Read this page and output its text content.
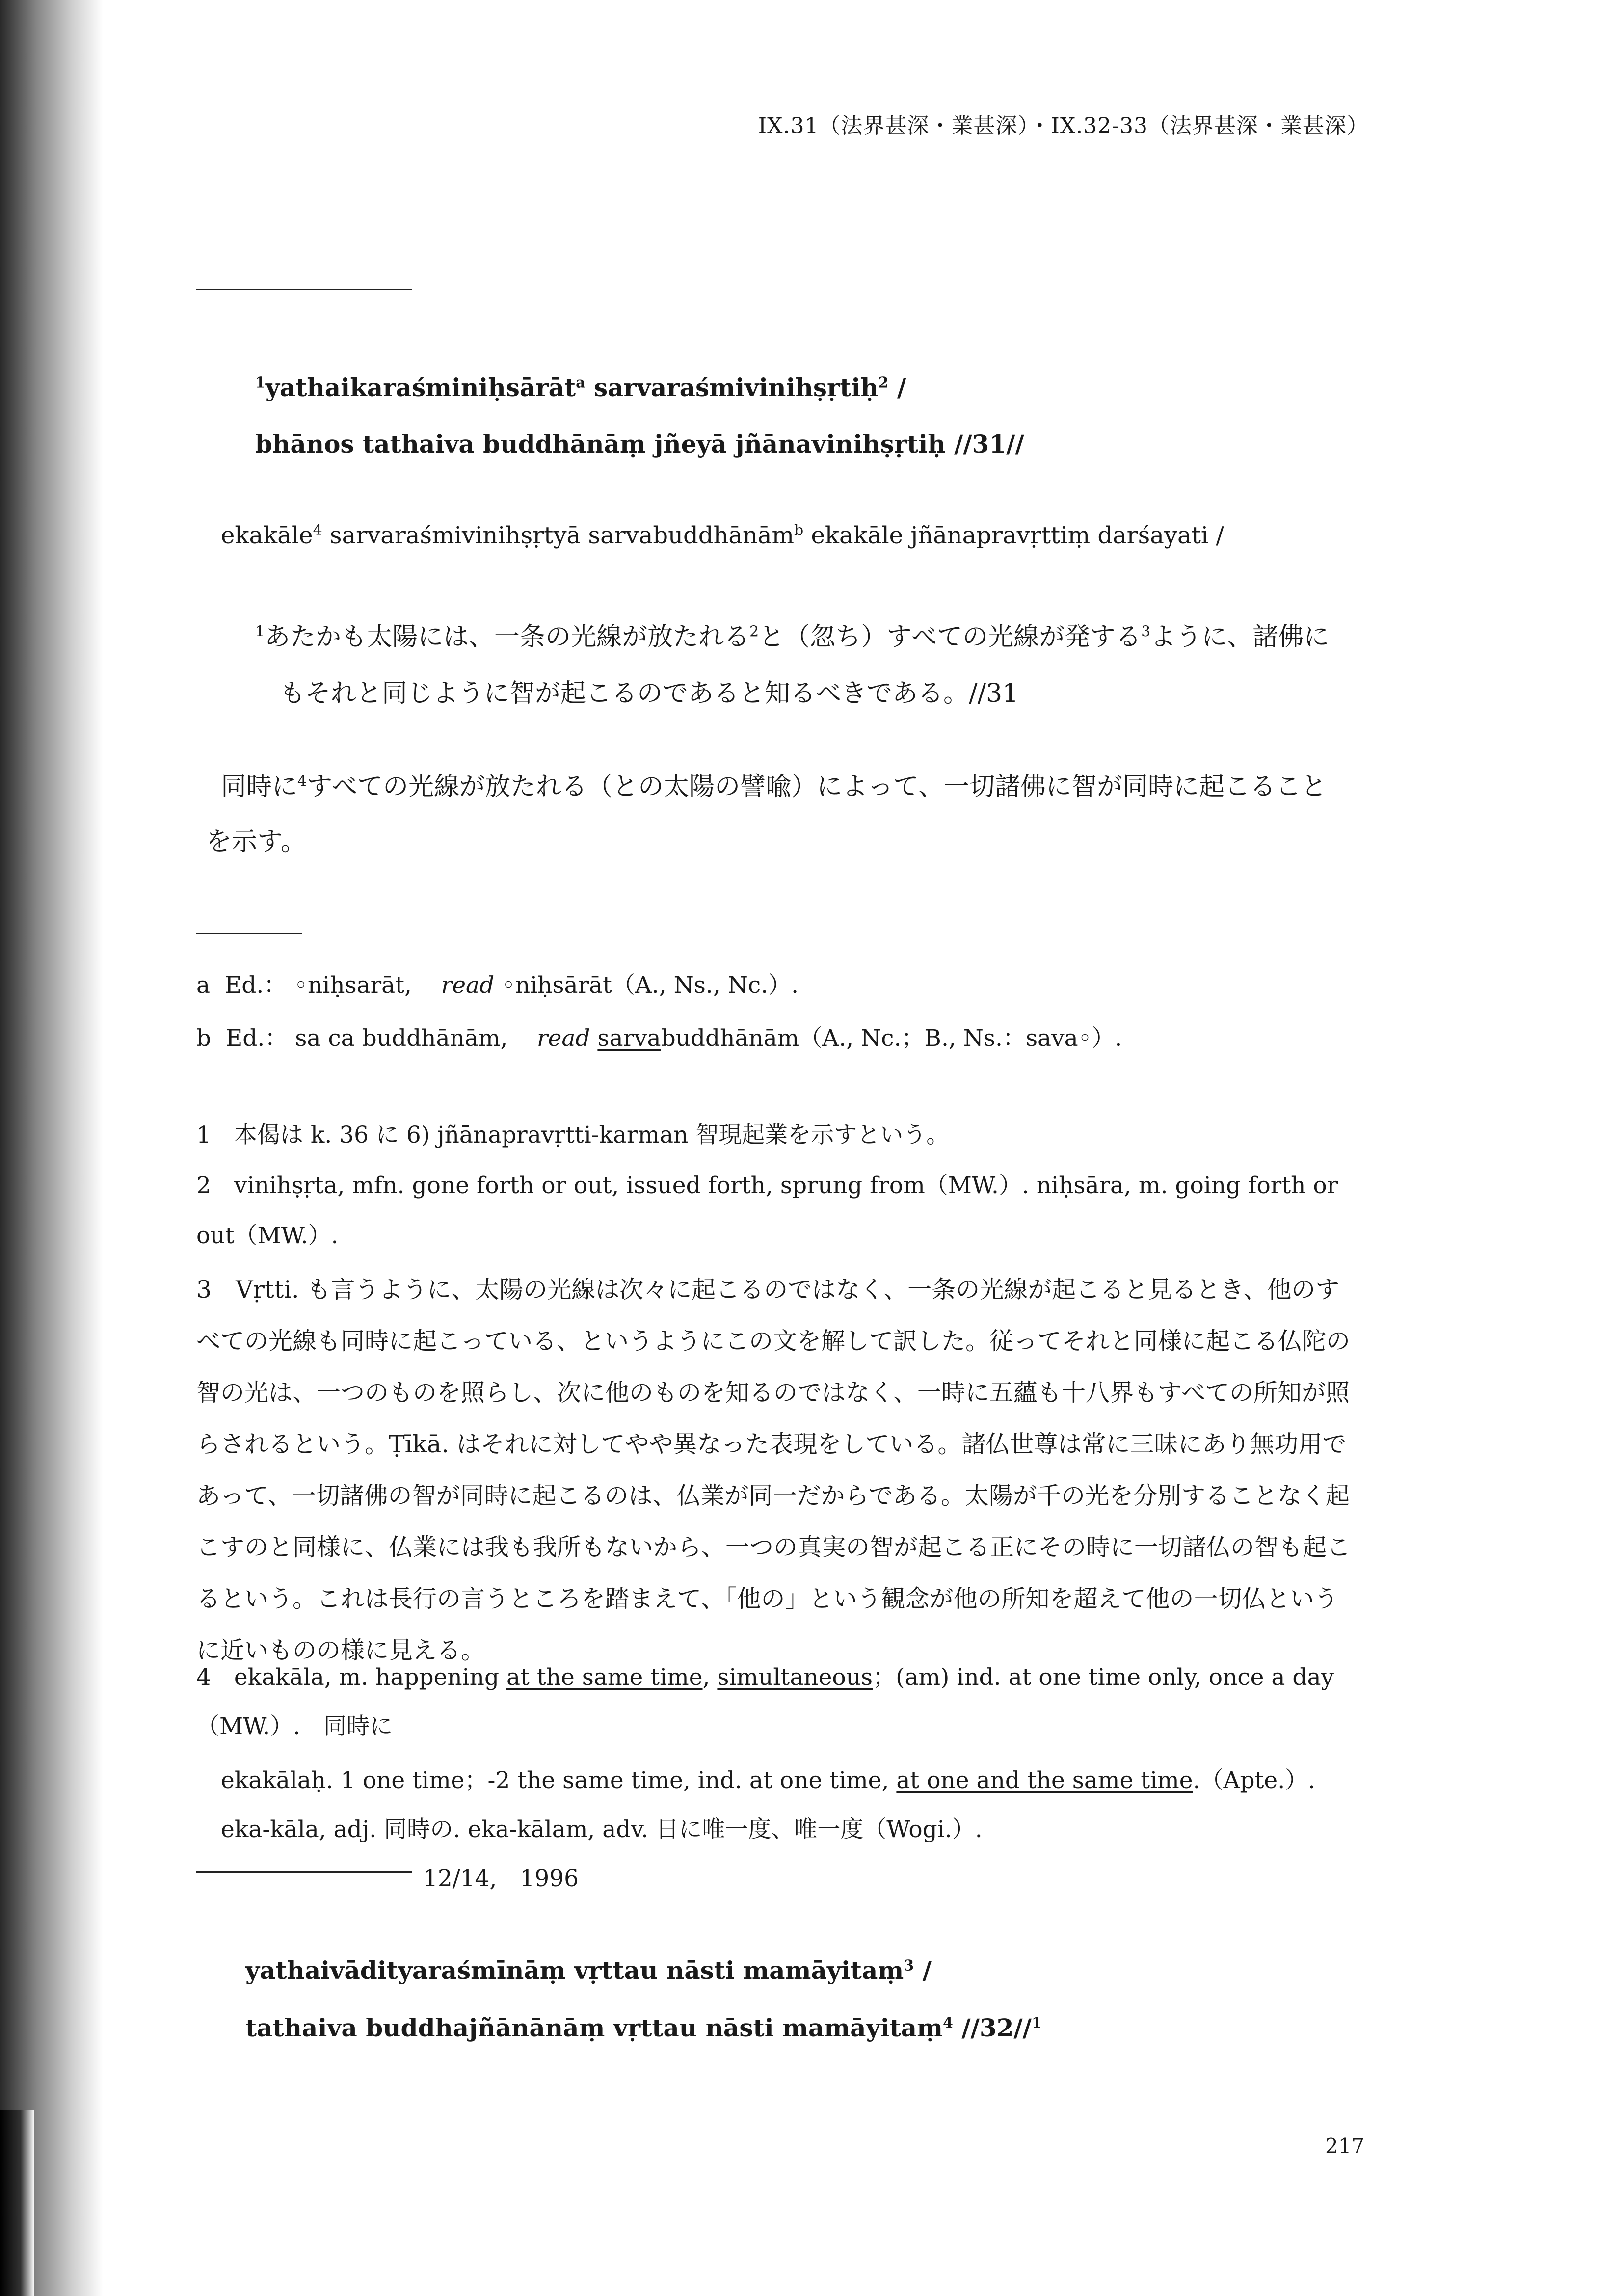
IX.31（法界甚深・業甚深）・IX.32-33（法界甚深・業甚深）
$^1$yathaikaraśminiḥsārāt$^a$ sarvaraśmivinihṣṛtiḥ$^2$ /
bhānos tathaiva buddhānāṃ jñeyā jñānavinihṣṛtiḥ //31//
ekakāle$^4$ sarvaraśmivinihṣṛtyā sarvabuddhānām$^b$ ekakāle jñānapravṛttiṃ darśayati /
$^1$あたかも太陽には、一条の光線が放たれる$^2$と（忽ち）すべての光線が発する$^3$ように、諸佛に
もそれと同じように智が起こるのであると知るべきである。//31
同時に$^4$すべての光線が放たれる（との太陽の譬喩）によって、一切諸佛に智が同時に起こること
を示す。
a Ed.： ◦niḥsarāt, read ◦niḥsārāt（A., Ns., Nc.）.
b Ed.： sa ca buddhānām, read sarvabuddhānām（A., Nc.；B., Ns.：sava◦）.
1　本偈は k. 36 に 6) jñānapravṛtti-karman 智現起業を示すという。
2　vinihṣṛta, mfn. gone forth or out, issued forth, sprung from（MW.）. niḥsāra, m. going forth or
out（MW.）.
3　Vṛtti. も言うように、太陽の光線は次々に起こるのではなく、一条の光線が起こると見るとき、他のすべての光線も同時に起こっている、というようにこの文を解して訳した。従ってそれと同様に起こる仏陀の智の光は、一つのものを照らし、次に他のものを知るのではなく、一時に五蘊も十八界もすべての所知が照らされるという。Ṭīkā. はそれに対してやや異なった表現をしている。諸仏世尊は常に三昧にあり無功用であって、一切諸佛の智が同時に起こるのは、仏業が同一だからである。太陽が千の光を分別することなく起こすのと同様に、仏業には我も我所もないから、一つの真実の智が起こる正にその時に一切諸仏の智も起こるという。これは長行の言うところを踏まえて、「他の」という観念が他の所知を超えて他の一切仏というに近いものの様に見える。
4　ekakāla, m. happening at the same time, simultaneous；(am) ind. at one time only, once a day
（MW.）.　同時に
ekakālaḥ. 1 one time；-2 the same time, ind. at one time, at one and the same time.（Apte.）.
eka-kāla, adj. 同時の. eka-kālam, adv. 日に唯一度、唯一度（Wogi.）.
12/14,　1996
yathaivādityaraśmīnāṃ vṛttau nāsti mamāyitaṃ$^3$ /
tathaiva buddhajñānānāṃ vṛttau nāsti mamāyitaṃ$^4$ //32//$^1$
217
